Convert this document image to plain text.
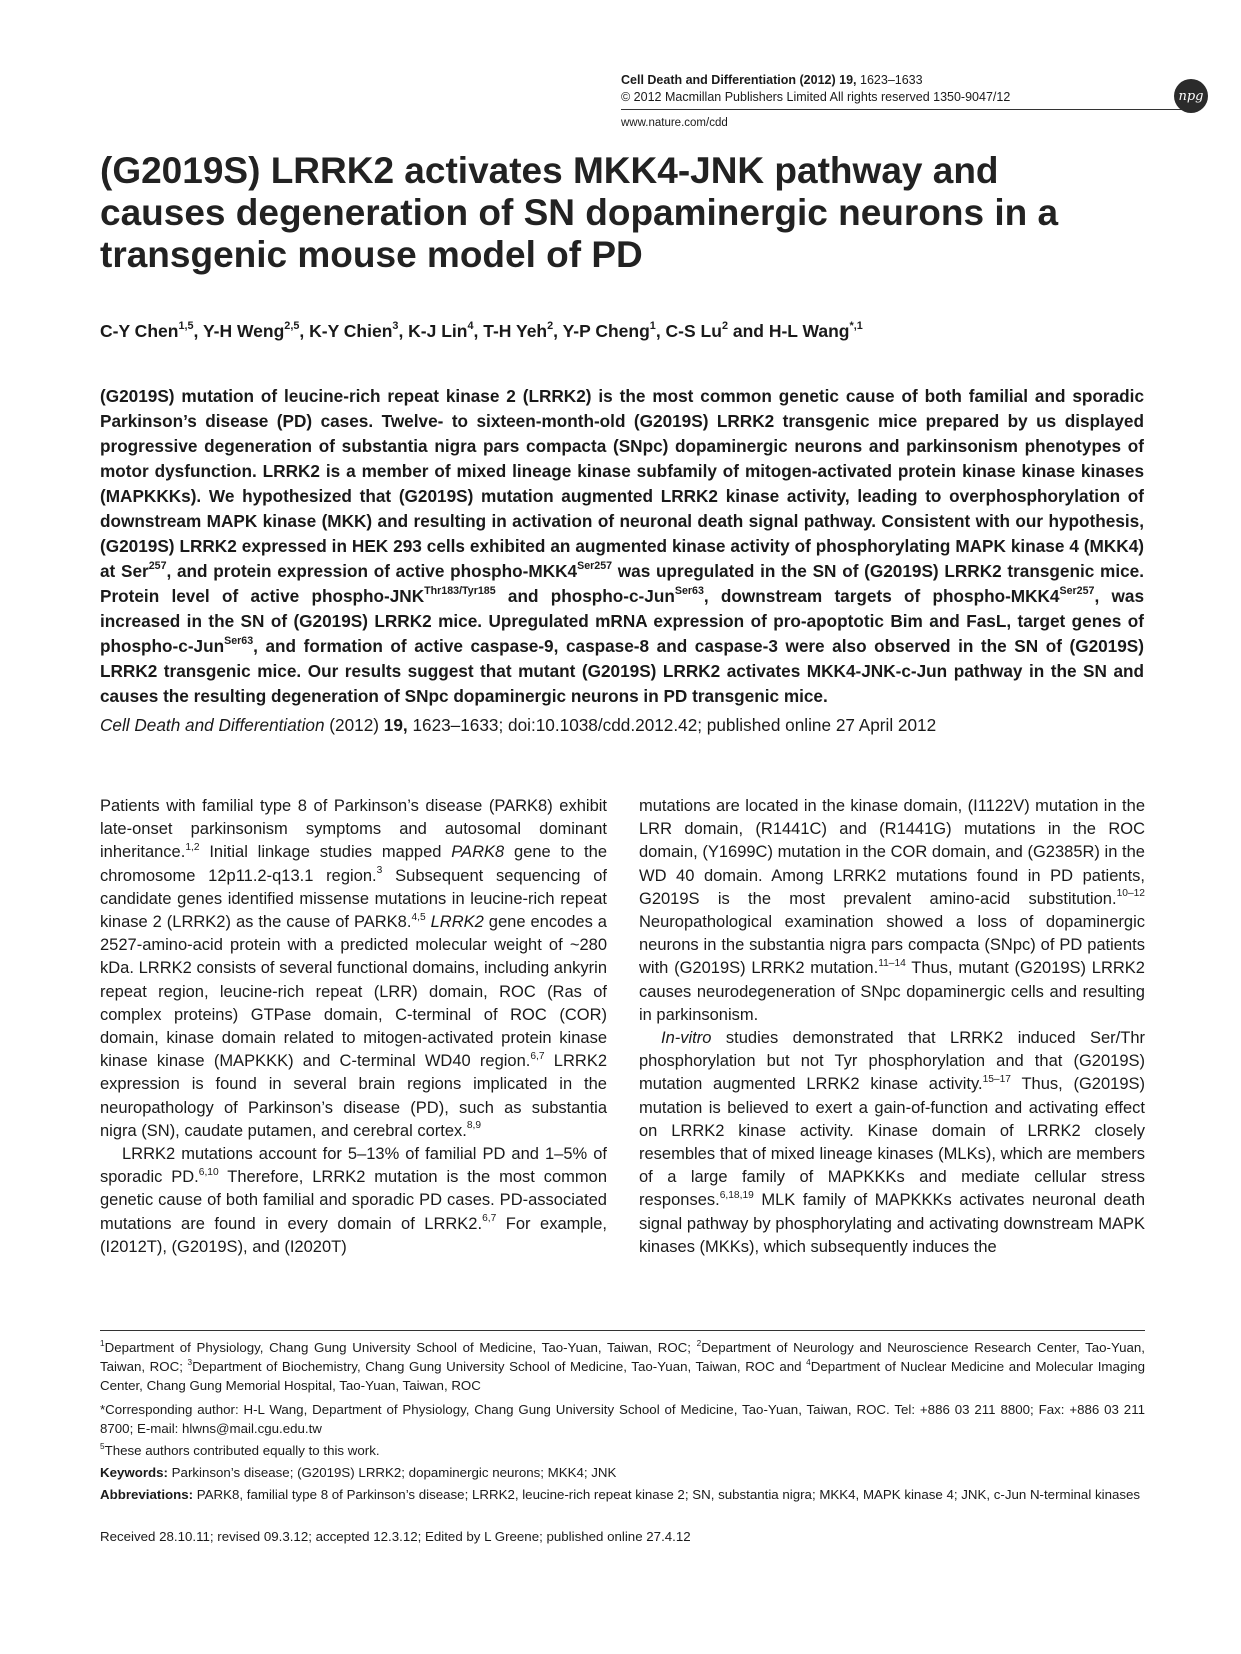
Cell Death and Differentiation (2012) 19, 1623–1633
© 2012 Macmillan Publishers Limited All rights reserved 1350-9047/12
www.nature.com/cdd
npg
(G2019S) LRRK2 activates MKK4-JNK pathway and causes degeneration of SN dopaminergic neurons in a transgenic mouse model of PD
C-Y Chen$^{1,5}$, Y-H Weng$^{2,5}$, K-Y Chien$^3$, K-J Lin$^4$, T-H Yeh$^2$, Y-P Cheng$^1$, C-S Lu$^2$ and H-L Wang$^{*,1}$
(G2019S) mutation of leucine-rich repeat kinase 2 (LRRK2) is the most common genetic cause of both familial and sporadic Parkinson’s disease (PD) cases. Twelve- to sixteen-month-old (G2019S) LRRK2 transgenic mice prepared by us displayed progressive degeneration of substantia nigra pars compacta (SNpc) dopaminergic neurons and parkinsonism phenotypes of motor dysfunction. LRRK2 is a member of mixed lineage kinase subfamily of mitogen-activated protein kinase kinase kinases (MAPKKKs). We hypothesized that (G2019S) mutation augmented LRRK2 kinase activity, leading to overphosphorylation of downstream MAPK kinase (MKK) and resulting in activation of neuronal death signal pathway. Consistent with our hypothesis, (G2019S) LRRK2 expressed in HEK 293 cells exhibited an augmented kinase activity of phosphorylating MAPK kinase 4 (MKK4) at Ser$^{257}$, and protein expression of active phospho-$MKK4^{Ser257}$ was upregulated in the SN of (G2019S) LRRK2 transgenic mice. Protein level of active phospho-$JNK^{Thr183/Tyr185}$ and phospho-c-Jun$^{Ser63}$, downstream targets of phospho-$MKK4^{Ser257}$, was increased in the SN of (G2019S) LRRK2 mice. Upregulated mRNA expression of pro-apoptotic Bim and FasL, target genes of phospho-c-Jun$^{Ser63}$, and formation of active caspase-9, caspase-8 and caspase-3 were also observed in the SN of (G2019S) LRRK2 transgenic mice. Our results suggest that mutant (G2019S) LRRK2 activates MKK4-JNK-c-Jun pathway in the SN and causes the resulting degeneration of SNpc dopaminergic neurons in PD transgenic mice.
Cell Death and Differentiation (2012) 19, 1623–1633; doi:10.1038/cdd.2012.42; published online 27 April 2012

Patients with familial type 8 of Parkinson’s disease (PARK8) exhibit late-onset parkinsonism symptoms and autosomal dominant inheritance.$^{1,2}$ Initial linkage studies mapped PARK8 gene to the chromosome 12p11.2-q13.1 region.$^3$ Subsequent sequencing of candidate genes identified missense mutations in leucine-rich repeat kinase 2 (LRRK2) as the cause of PARK8.$^{4,5}$ LRRK2 gene encodes a 2527-amino-acid protein with a predicted molecular weight of ~280 kDa. LRRK2 consists of several functional domains, including ankyrin repeat region, leucine-rich repeat (LRR) domain, ROC (Ras of complex proteins) GTPase domain, C-terminal of ROC (COR) domain, kinase domain related to mitogen-activated protein kinase kinase kinase (MAPKKK) and C-terminal WD40 region.$^{6,7}$ LRRK2 expression is found in several brain regions implicated in the neuropathology of Parkinson’s disease (PD), such as substantia nigra (SN), caudate putamen, and cerebral cortex.$^{8,9}$

LRRK2 mutations account for 5–13% of familial PD and 1–5% of sporadic PD.$^{6,10}$ Therefore, LRRK2 mutation is the most common genetic cause of both familial and sporadic PD cases. PD-associated mutations are found in every domain of LRRK2.$^{6,7}$ For example, (I2012T), (G2019S), and (I2020T)

mutations are located in the kinase domain, (I1122V) mutation in the LRR domain, (R1441C) and (R1441G) mutations in the ROC domain, (Y1699C) mutation in the COR domain, and (G2385R) in the WD 40 domain. Among LRRK2 mutations found in PD patients, G2019S is the most prevalent amino-acid substitution.$^{10-12}$ Neuropathological examination showed a loss of dopaminergic neurons in the substantia nigra pars compacta (SNpc) of PD patients with (G2019S) LRRK2 mutation.$^{11-14}$ Thus, mutant (G2019S) LRRK2 causes neurodegeneration of SNpc dopaminergic cells and resulting in parkinsonism.

In-vitro studies demonstrated that LRRK2 induced Ser/Thr phosphorylation but not Tyr phosphorylation and that (G2019S) mutation augmented LRRK2 kinase activity.$^{15-17}$ Thus, (G2019S) mutation is believed to exert a gain-of-function and activating effect on LRRK2 kinase activity. Kinase domain of LRRK2 closely resembles that of mixed lineage kinases (MLKs), which are members of a large family of MAPKKKs and mediate cellular stress responses.$^{6,18,19}$ MLK family of MAPKKKs activates neuronal death signal pathway by phosphorylating and activating downstream MAPK kinases (MKKs), which subsequently induces the

$^1$Department of Physiology, Chang Gung University School of Medicine, Tao-Yuan, Taiwan, ROC; $^2$Department of Neurology and Neuroscience Research Center, Tao-Yuan, Taiwan, ROC; $^3$Department of Biochemistry, Chang Gung University School of Medicine, Tao-Yuan, Taiwan, ROC and $^4$Department of Nuclear Medicine and Molecular Imaging Center, Chang Gung Memorial Hospital, Tao-Yuan, Taiwan, ROC
*Corresponding author: H-L Wang, Department of Physiology, Chang Gung University School of Medicine, Tao-Yuan, Taiwan, ROC. Tel: +886 03 211 8800; Fax: +886 03 211 8700; E-mail: hlwns@mail.cgu.edu.tw
$^5$These authors contributed equally to this work.
Keywords: Parkinson’s disease; (G2019S) LRRK2; dopaminergic neurons; MKK4; JNK
Abbreviations: PARK8, familial type 8 of Parkinson’s disease; LRRK2, leucine-rich repeat kinase 2; SN, substantia nigra; MKK4, MAPK kinase 4; JNK, c-Jun N-terminal kinases
Received 28.10.11; revised 09.3.12; accepted 12.3.12; Edited by L Greene; published online 27.4.12
